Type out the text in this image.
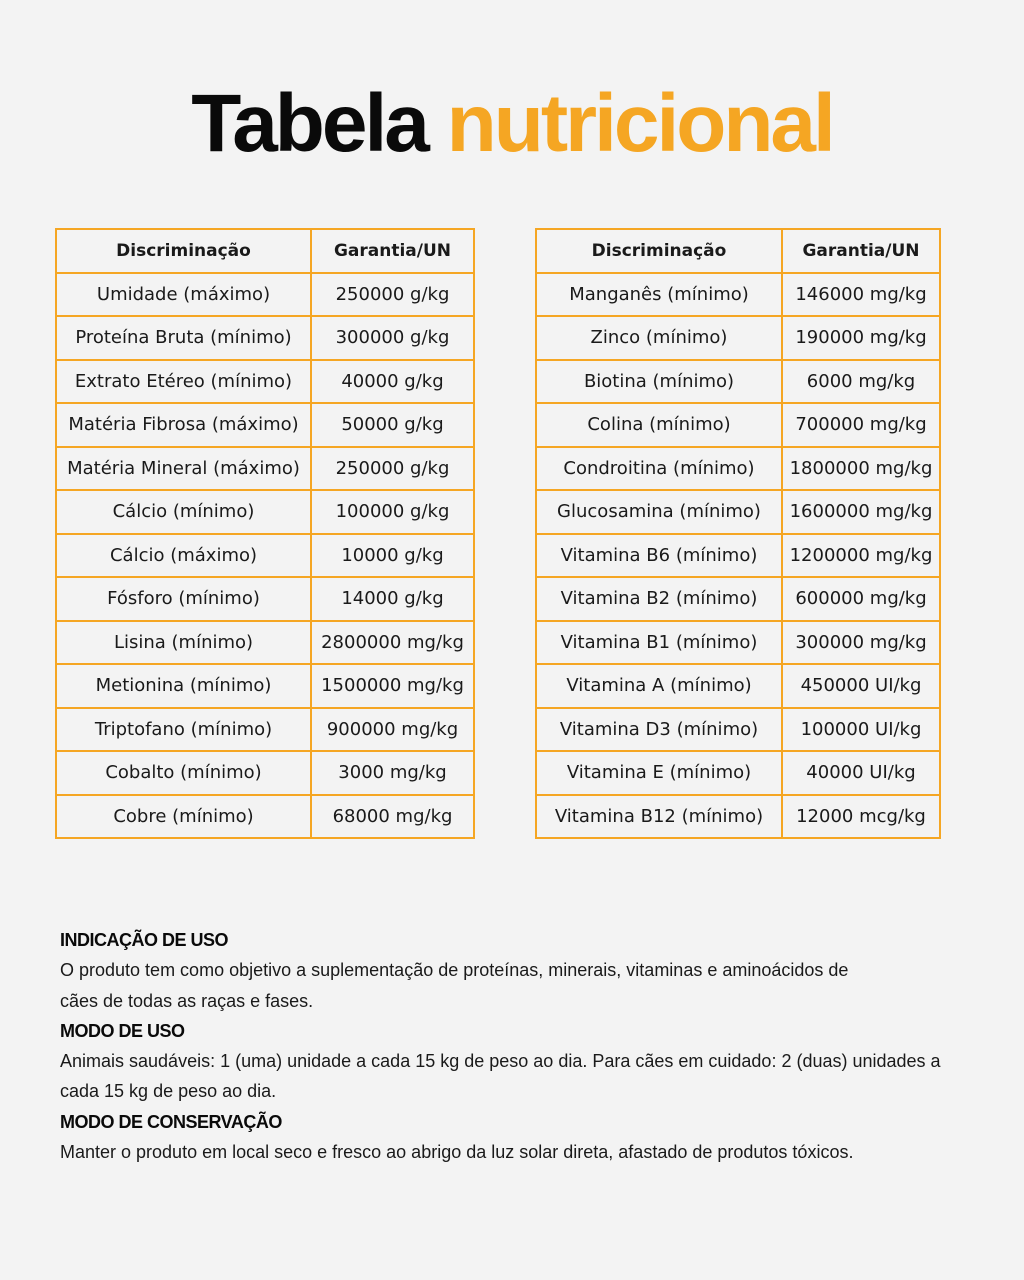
Tabela nutricional
Discriminação	Garantia/UN
Umidade (máximo)	250000 g/kg
Proteína Bruta (mínimo)	300000 g/kg
Extrato Etéreo (mínimo)	40000 g/kg
Matéria Fibrosa (máximo)	50000 g/kg
Matéria Mineral (máximo)	250000 g/kg
Cálcio (mínimo)	100000 g/kg
Cálcio (máximo)	10000 g/kg
Fósforo (mínimo)	14000 g/kg
Lisina (mínimo)	2800000 mg/kg
Metionina (mínimo)	1500000 mg/kg
Triptofano (mínimo)	900000 mg/kg
Cobalto (mínimo)	3000 mg/kg
Cobre (mínimo)	68000 mg/kg
Discriminação	Garantia/UN
Manganês (mínimo)	146000 mg/kg
Zinco (mínimo)	190000 mg/kg
Biotina (mínimo)	6000 mg/kg
Colina (mínimo)	700000 mg/kg
Condroitina (mínimo)	1800000 mg/kg
Glucosamina (mínimo)	1600000 mg/kg
Vitamina B6 (mínimo)	1200000 mg/kg
Vitamina B2 (mínimo)	600000 mg/kg
Vitamina B1 (mínimo)	300000 mg/kg
Vitamina A (mínimo)	450000 UI/kg
Vitamina D3 (mínimo)	100000 UI/kg
Vitamina E (mínimo)	40000 UI/kg
Vitamina B12 (mínimo)	12000 mcg/kg
INDICAÇÃO DE USO
O produto tem como objetivo a suplementação de proteínas, minerais, vitaminas e aminoácidos de
cães de todas as raças e fases.
MODO DE USO
Animais saudáveis: 1 (uma) unidade a cada 15 kg de peso ao dia. Para cães em cuidado: 2 (duas) unidades a
cada 15 kg de peso ao dia.
MODO DE CONSERVAÇÃO
Manter o produto em local seco e fresco ao abrigo da luz solar direta, afastado de produtos tóxicos.
